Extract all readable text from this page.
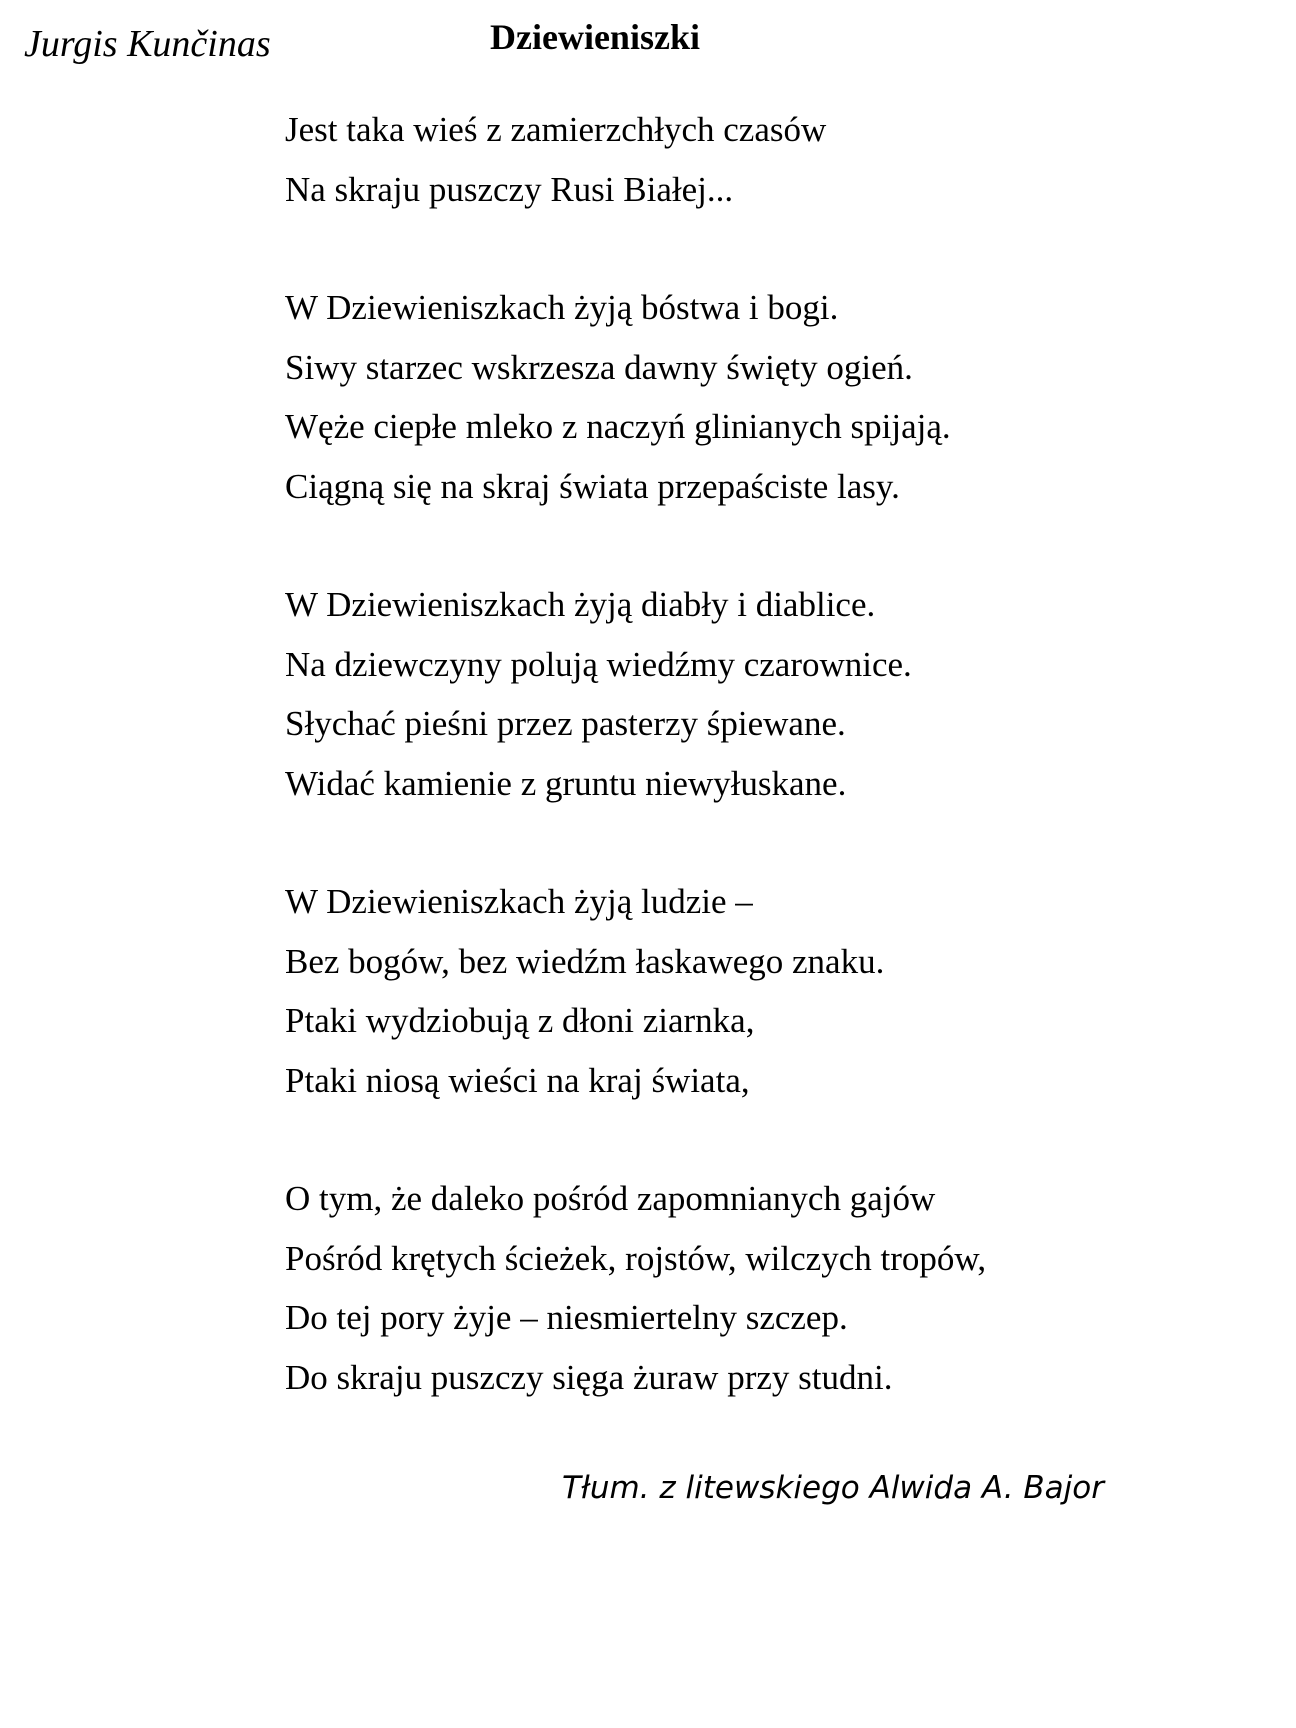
Jurgis Kunčinas	Dziewieniszki
Jest taka wieś z zamierzchłych czasów
Na skraju puszczy Rusi Białej...
W Dziewieniszkach żyją bóstwa i bogi.
Siwy starzec wskrzesza dawny święty ogień.
Węże ciepłe mleko z naczyń glinianych spijają.
Ciągną się na skraj świata przepaściste lasy.
W Dziewieniszkach żyją diabły i diablice.
Na dziewczyny polują wiedźmy czarownice.
Słychać pieśni przez pasterzy śpiewane.
Widać kamienie z gruntu niewyłuskane.
W Dziewieniszkach żyją ludzie –
Bez bogów, bez wiedźm łaskawego znaku.
Ptaki wydziobują z dłoni ziarnka,
Ptaki niosą wieści na kraj świata,
O tym, że daleko pośród zapomnianych gajów
Pośród krętych ścieżek, rojstów, wilczych tropów,
Do tej pory żyje – niesmiertelny szczep.
Do skraju puszczy sięga żuraw przy studni.
Tłum. z litewskiego Alwida A. Bajor
